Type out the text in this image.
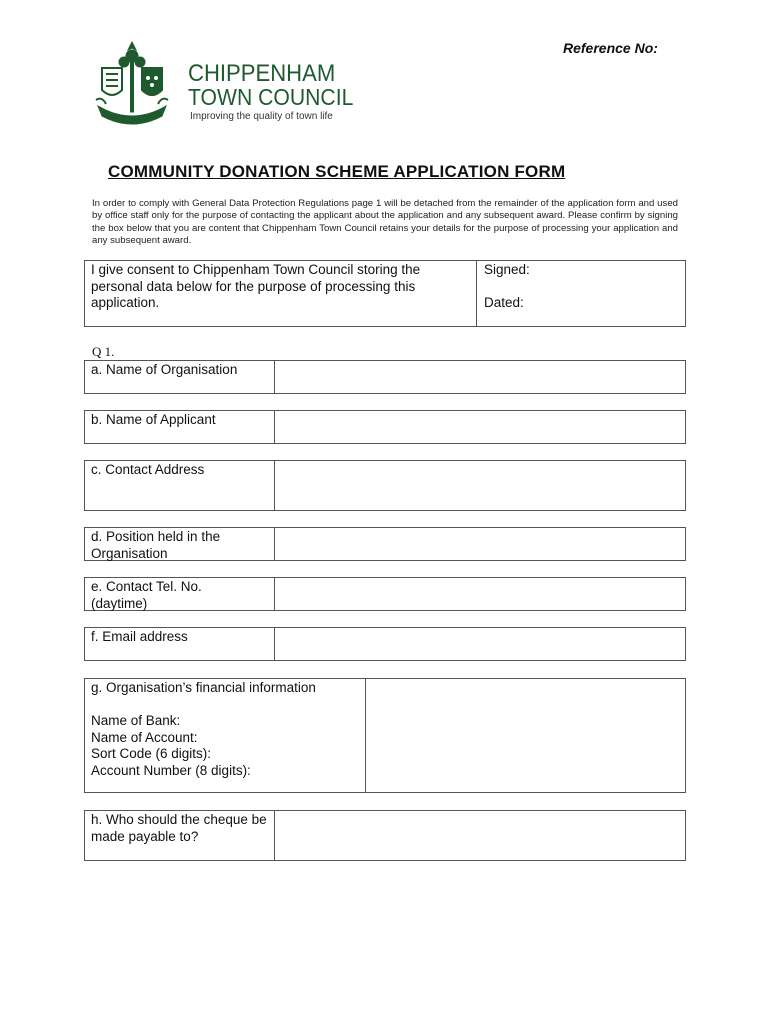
Reference No:
CHIPPENHAM
TOWN COUNCIL
Improving the quality of town life
COMMUNITY DONATION SCHEME APPLICATION FORM
In order to comply with General Data Protection Regulations page 1 will be detached from the remainder of the application form and used by office staff only for the purpose of contacting the applicant about the application and any subsequent award. Please confirm by signing the box below that you are content that Chippenham Town Council retains your details for the purpose of processing your application and any subsequent award.
I give consent to Chippenham Town Council storing the personal data below for the purpose of processing this application.
Signed:
Dated:
Q 1.
a. Name of Organisation
b. Name of Applicant
c. Contact Address
d. Position held in the Organisation
e. Contact Tel. No. (daytime)
f. Email address
g. Organisation’s financial information
Name of Bank:
Name of Account:
Sort Code (6 digits):
Account Number (8 digits):
h. Who should the cheque be made payable to?
